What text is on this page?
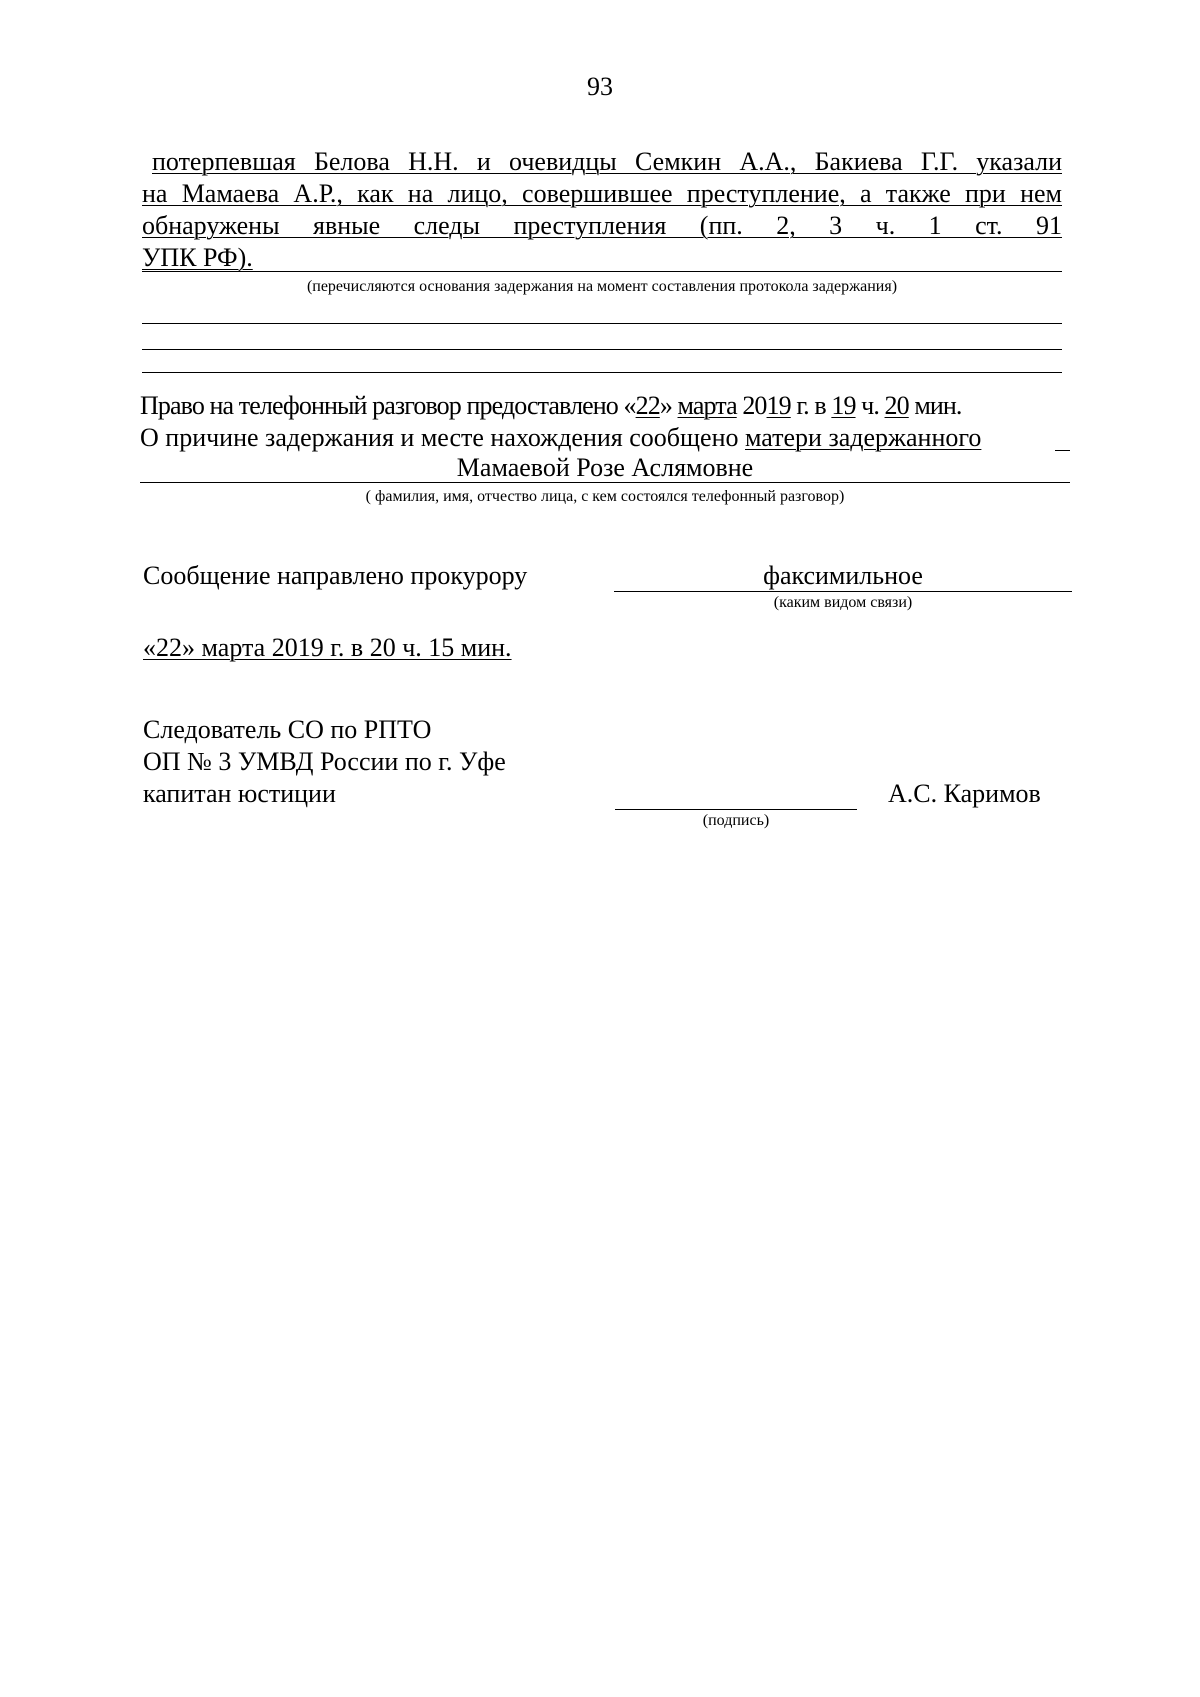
93
потерпевшая Белова Н.Н. и очевидцы Семкин А.А., Бакиева Г.Г. указали
на Мамаева А.Р., как на лицо, совершившее преступление, а также при нем
обнаружены явные следы преступления (пп. 2, 3 ч. 1 ст. 91
УПК РФ).
(перечисляются основания задержания на момент составления протокола задержания)
Право на телефонный разговор предоставлено «22» марта 2019 г. в 19 ч. 20 мин.
О причине задержания и месте нахождения сообщено матери задержанного
Мамаевой Розе Аслямовне
( фамилия, имя, отчество лица, с кем состоялся телефонный разговор)
Сообщение направлено прокурору	факсимильное
(каким видом связи)
«22» марта 2019 г. в 20 ч. 15 мин.
Следователь СО по РПТО
ОП № 3 УМВД России по г. Уфе
капитан юстиции
(подпись)
А.С. Каримов
